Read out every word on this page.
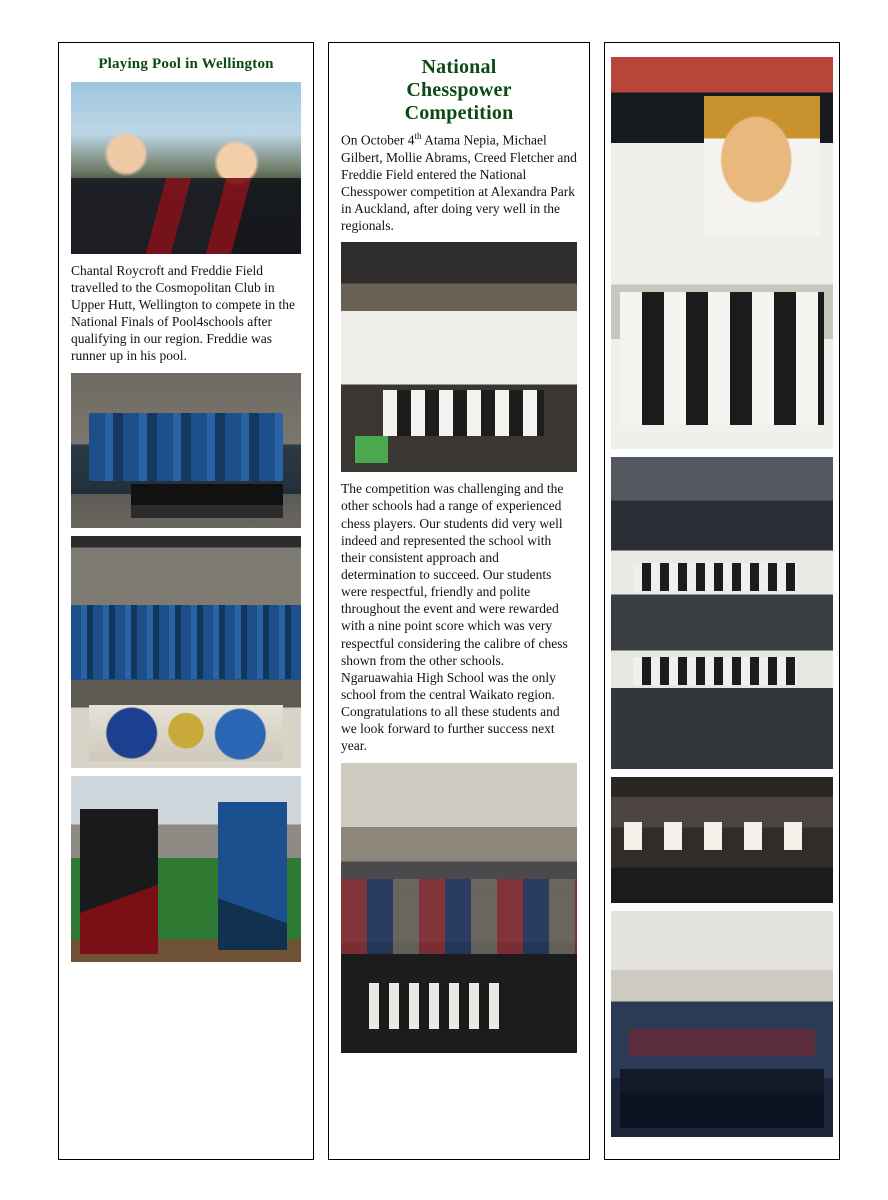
Playing Pool in Wellington
Chantal Roycroft and Freddie Field travelled to the Cosmopolitan Club in Upper Hutt, Wellington to compete in the National Finals of Pool4schools after qualifying in our region. Freddie was runner up in his pool.
National
Chesspower
Competition
On October 4th Atama Nepia, Michael Gilbert, Mollie Abrams, Creed Fletcher and Freddie Field entered the National Chesspower competition at Alexandra Park in Auckland, after doing very well in the regionals.
The competition was challenging and the other schools had a range of experienced chess players. Our students did very well indeed and represented the school with their consistent approach and determination to succeed. Our students were respectful, friendly and polite throughout the event and were rewarded with a nine point score which was very respectful considering the calibre of chess shown from the other schools. Ngaruawahia High School was the only school from the central Waikato region. Congratulations to all these students and we look forward to further success next year.
